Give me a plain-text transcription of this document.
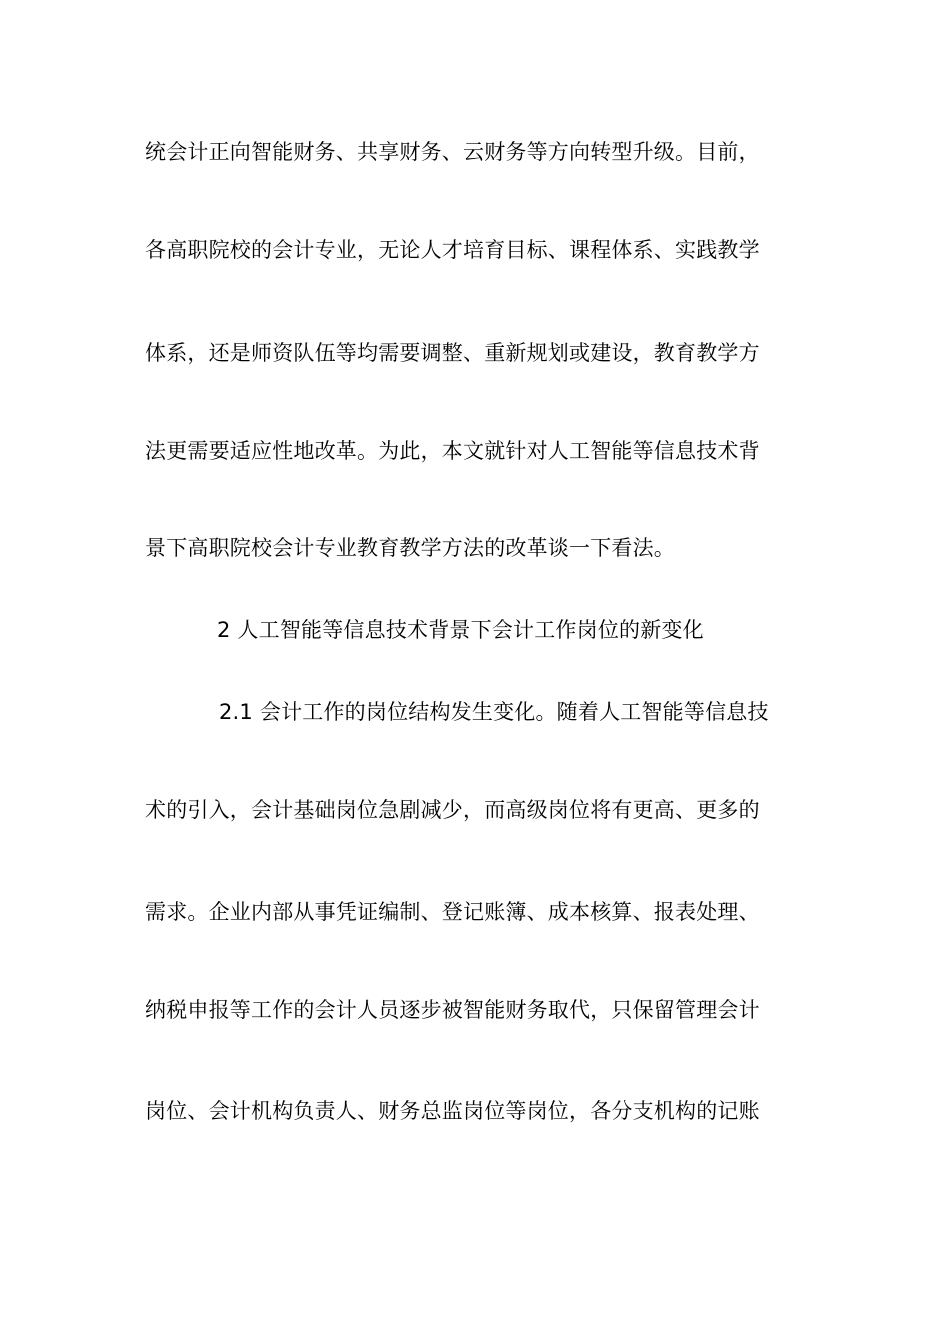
统会计正向智能财务、共享财务、云财务等方向转型升级。目前，
各高职院校的会计专业，无论人才培育目标、课程体系、实践教学
体系，还是师资队伍等均需要调整、重新规划或建设，教育教学方
法更需要适应性地改革。为此，本文就针对人工智能等信息技术背
景下高职院校会计专业教育教学方法的改革谈一下看法。
2 人工智能等信息技术背景下会计工作岗位的新变化
2.1 会计工作的岗位结构发生变化。随着人工智能等信息技
术的引入，会计基础岗位急剧减少，而高级岗位将有更高、更多的
需求。企业内部从事凭证编制、登记账簿、成本核算、报表处理、
纳税申报等工作的会计人员逐步被智能财务取代，只保留管理会计
岗位、会计机构负责人、财务总监岗位等岗位，各分支机构的记账
